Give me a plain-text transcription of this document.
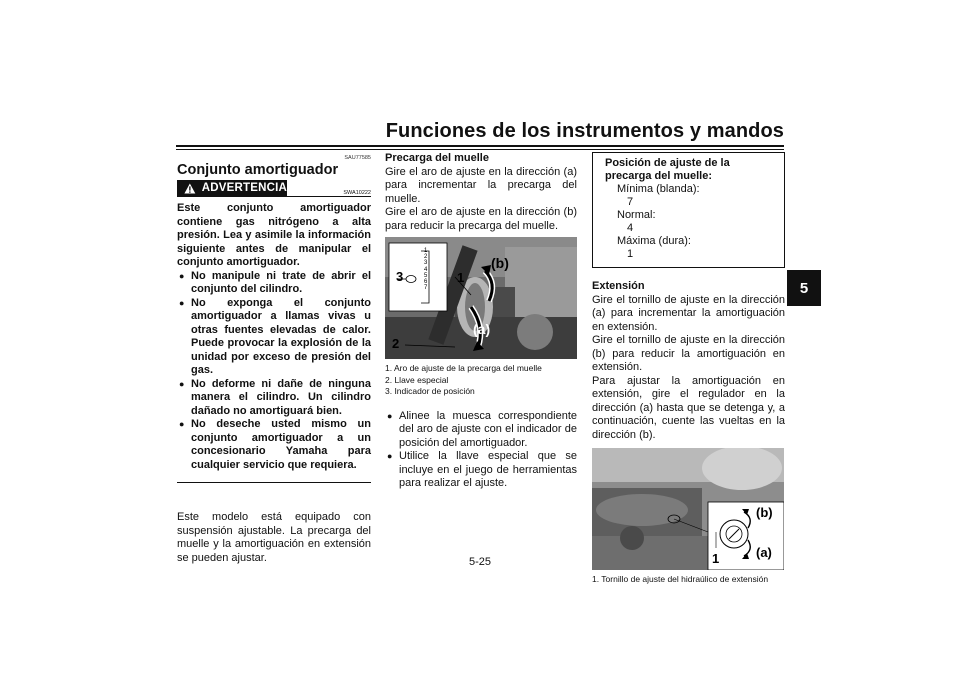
Funciones de los instrumentos y mandos
5
SAU77585
Conjunto amortiguador
ADVERTENCIA	SWA10222

Este conjunto amortiguador contiene gas nitrógeno a alta presión. Lea y asimile la información siguiente antes de manipular el conjunto amortiguador.

● No manipule ni trate de abrir el conjunto del cilindro.
● No exponga el conjunto amortiguador a llamas vivas u otras fuentes elevadas de calor. Puede provocar la explosión de la unidad por exceso de presión del gas.
● No deforme ni dañe de ninguna manera el cilindro. Un cilindro dañado no amortiguará bien.
● No deseche usted mismo un conjunto amortiguador a un concesionario Yamaha para cualquier servicio que requiera.

Este modelo está equipado con suspensión ajustable. La precarga del muelle y la amortiguación en extensión se pueden ajustar.

Precarga del muelle

Gire el aro de ajuste en la dirección (a) para incrementar la precarga del muelle.

Gire el aro de ajuste en la dirección (b) para reducir la precarga del muelle.

1
2
3
4
5
6
7
3	1
(b)
(a)
2
1. Aro de ajuste de la precarga del muelle
2. Llave especial
3. Indicador de posición
● Alinee la muesca correspondiente del aro de ajuste con el indicador de posición del amortiguador.
● Utilice la llave especial que se incluye en el juego de herramientas para realizar el ajuste.
Posición de ajuste de la precarga del muelle:
Mínima (blanda):
7
Normal:
4
Máxima (dura):
1
Extensión

Gire el tornillo de ajuste en la dirección (a) para incrementar la amortiguación en extensión.

Gire el tornillo de ajuste en la dirección (b) para reducir la amortiguación en extensión.

Para ajustar la amortiguación en extensión, gire el regulador en la dirección (a) hasta que se detenga y, a continuación, cuente las vueltas en la dirección (b).

(b)
(a)
1
1. Tornillo de ajuste del hidraúlico de extensión
5-25
